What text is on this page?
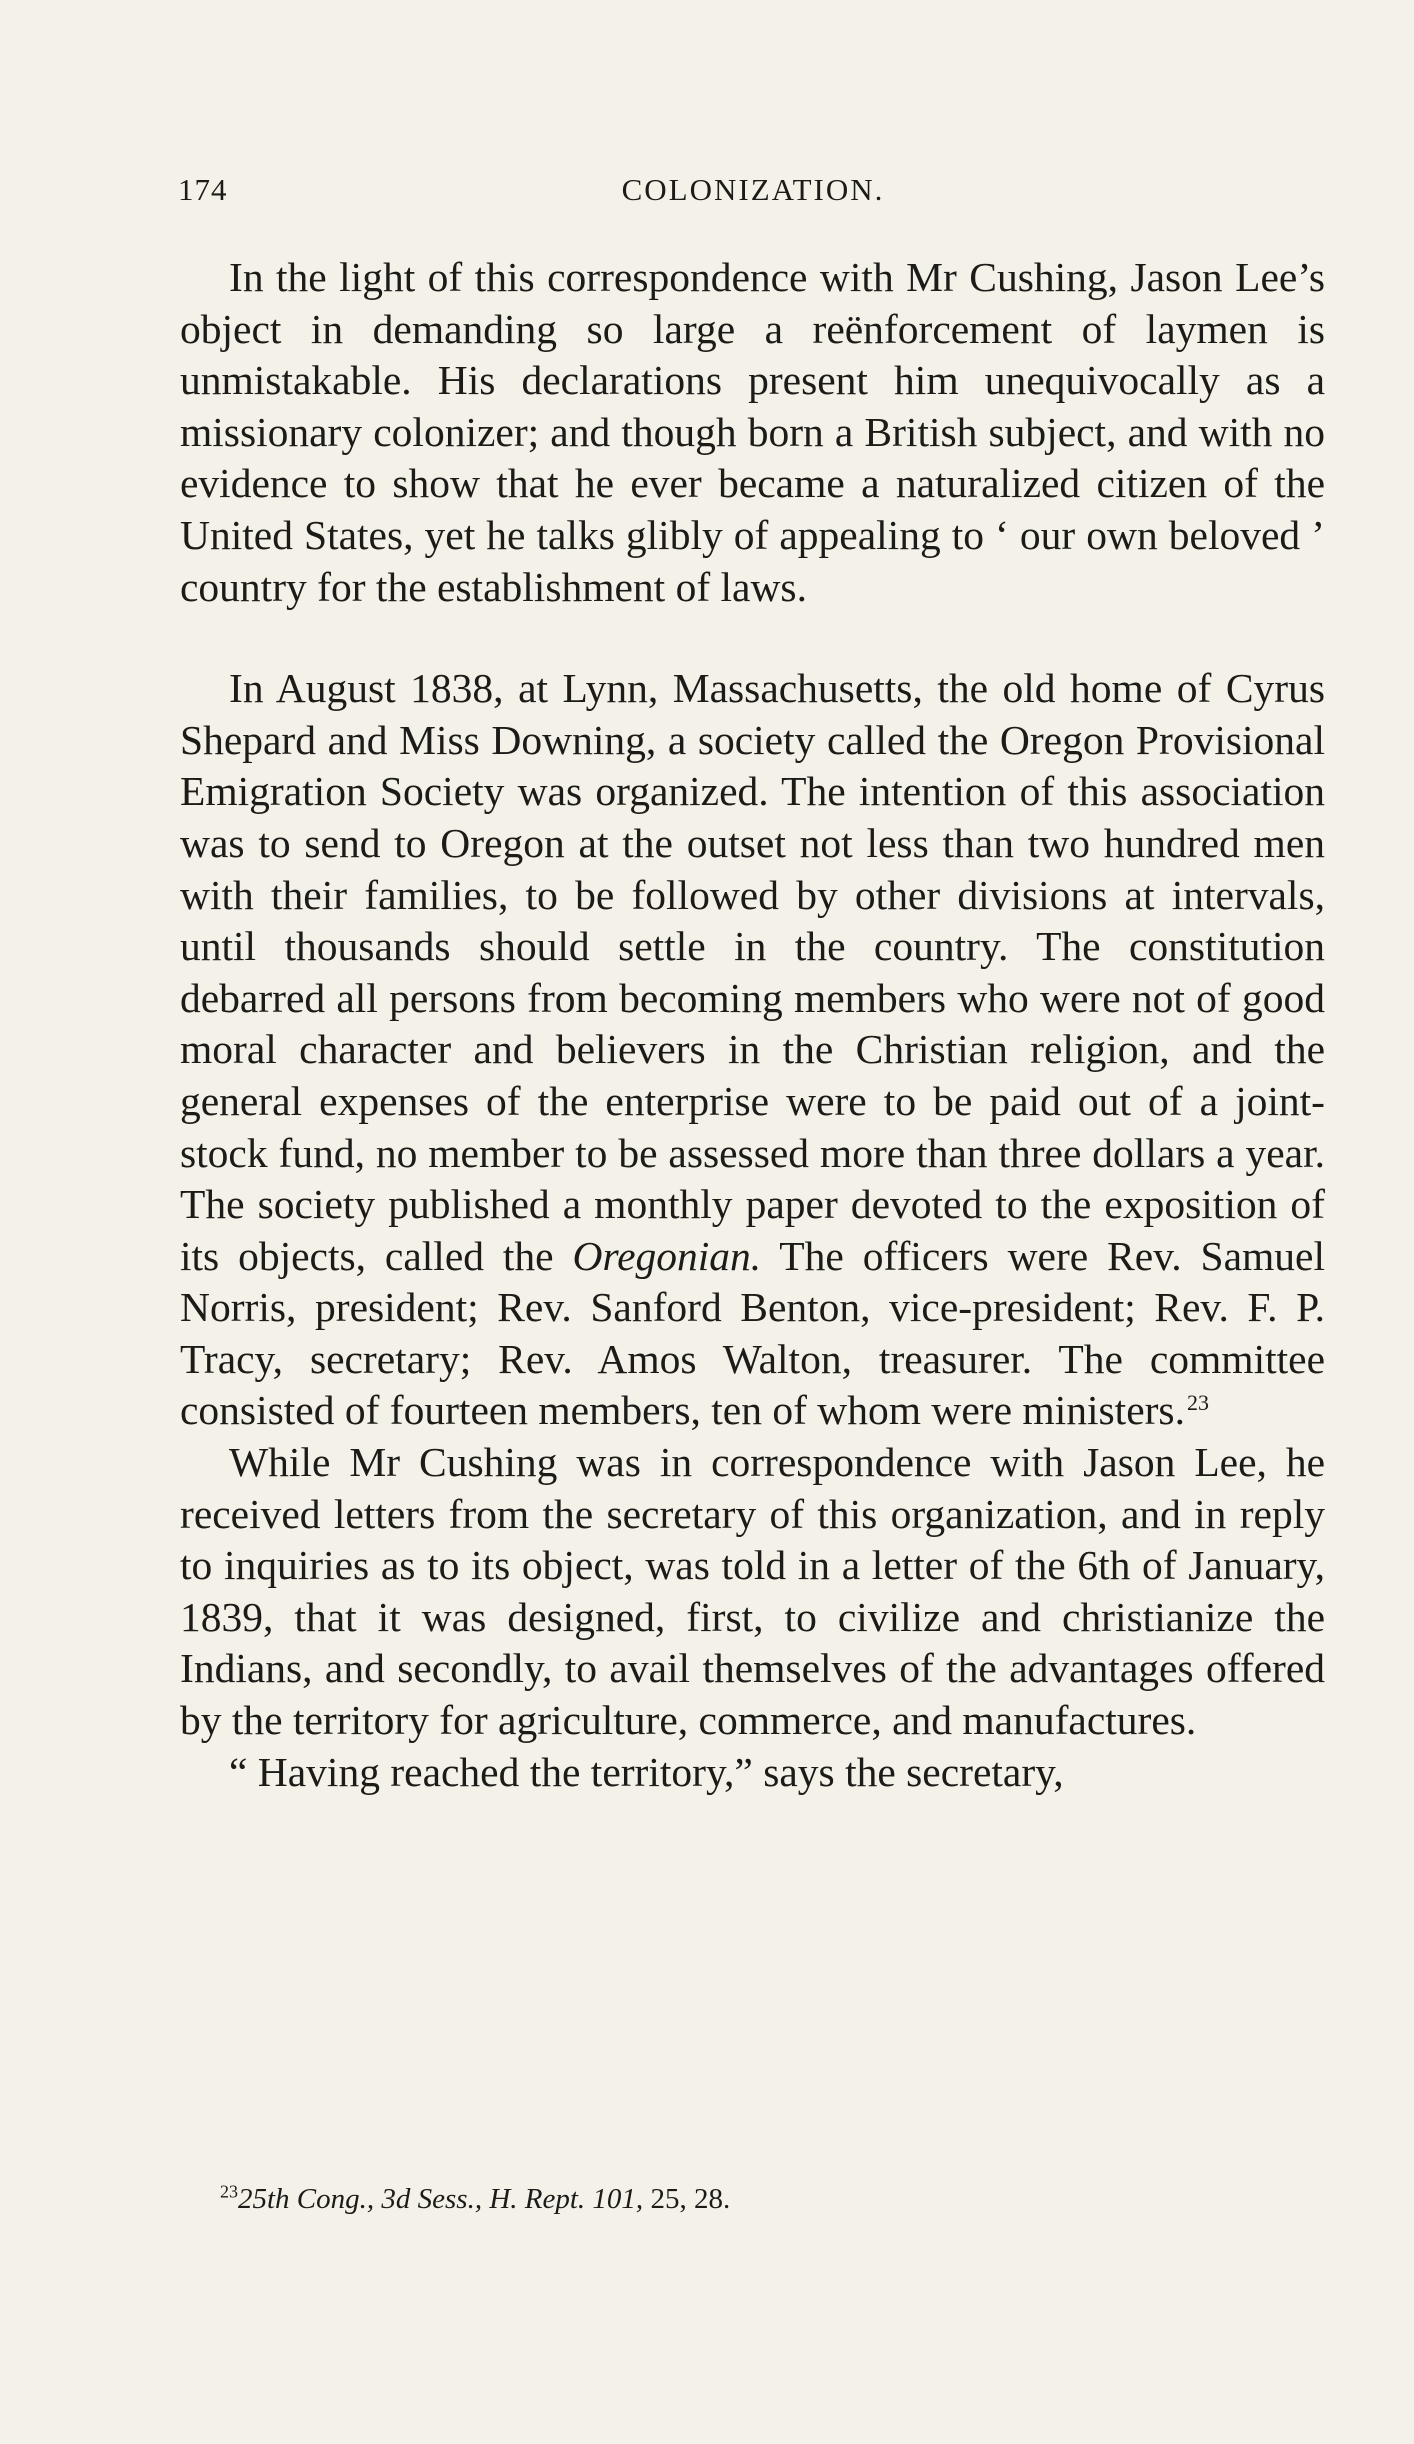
174	COLONIZATION.

In the light of this correspondence with Mr Cushing, Jason Lee’s object in demanding so large a reënforcement of laymen is unmistakable. His declarations present him unequivocally as a missionary colonizer; and though born a British subject, and with no evidence to show that he ever became a naturalized citizen of the United States, yet he talks glibly of appealing to ‘ our own beloved ’ country for the establishment of laws.

In August 1838, at Lynn, Massachusetts, the old home of Cyrus Shepard and Miss Downing, a society called the Oregon Provisional Emigration Society was organized. The intention of this association was to send to Oregon at the outset not less than two hundred men with their families, to be followed by other divisions at intervals, until thousands should settle in the country. The constitution debarred all persons from becoming members who were not of good moral character and believers in the Christian religion, and the general expenses of the enterprise were to be paid out of a joint-stock fund, no member to be assessed more than three dollars a year. The society published a monthly paper devoted to the exposition of its objects, called the Oregonian. The officers were Rev. Samuel Norris, president; Rev. Sanford Benton, vice-president; Rev. F. P. Tracy, secretary; Rev. Amos Walton, treasurer. The committee consisted of fourteen members, ten of whom were ministers.$^{23}$

While Mr Cushing was in correspondence with Jason Lee, he received letters from the secretary of this organization, and in reply to inquiries as to its object, was told in a letter of the 6th of January, 1839, that it was designed, first, to civilize and christianize the Indians, and secondly, to avail themselves of the advantages offered by the territory for agriculture, commerce, and manufactures.

“ Having reached the territory,” says the secretary,

$^{23}$25th Cong., 3d Sess., H. Rept. 101, 25, 28.
